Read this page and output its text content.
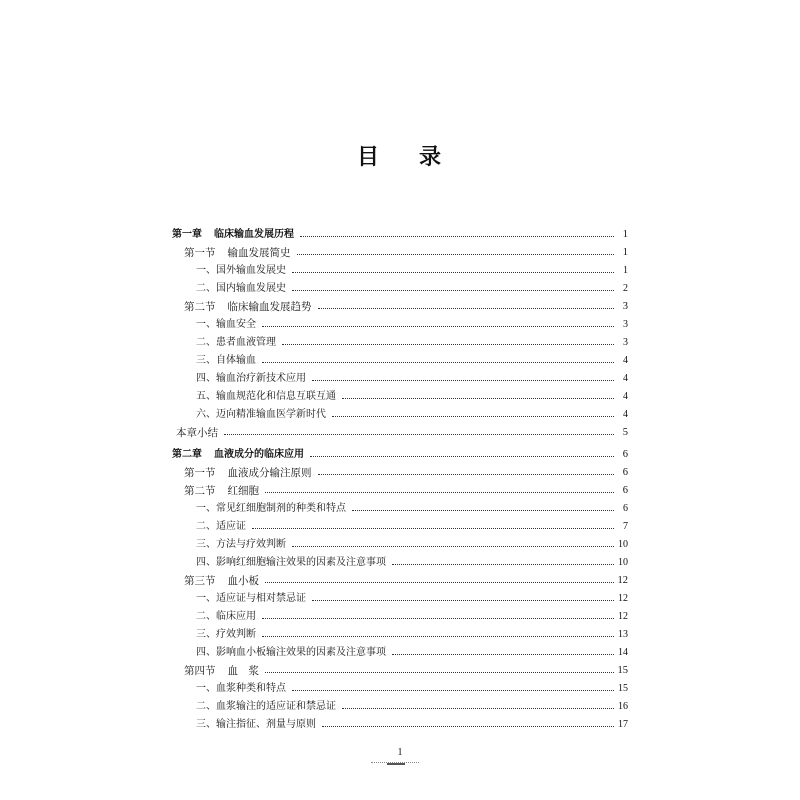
目 录
第一章 临床输血发展历程	1
第一节 输血发展简史	1
一、国外输血发展史	1
二、国内输血发展史	2
第二节 临床输血发展趋势	3
一、输血安全	3
二、患者血液管理	3
三、自体输血	4
四、输血治疗新技术应用	4
五、输血规范化和信息互联互通	4
六、迈向精准输血医学新时代	4
本章小结	5
第二章 血液成分的临床应用	6
第一节 血液成分输注原则	6
第二节 红细胞	6
一、常见红细胞制剂的种类和特点	6
二、适应证	7
三、方法与疗效判断	10
四、影响红细胞输注效果的因素及注意事项	10
第三节 血小板	12
一、适应证与相对禁忌证	12
二、临床应用	12
三、疗效判断	13
四、影响血小板输注效果的因素及注意事项	14
第四节 血　浆	15
一、血浆种类和特点	15
二、血浆输注的适应证和禁忌证	16
三、输注指征、剂量与原则	17
1
